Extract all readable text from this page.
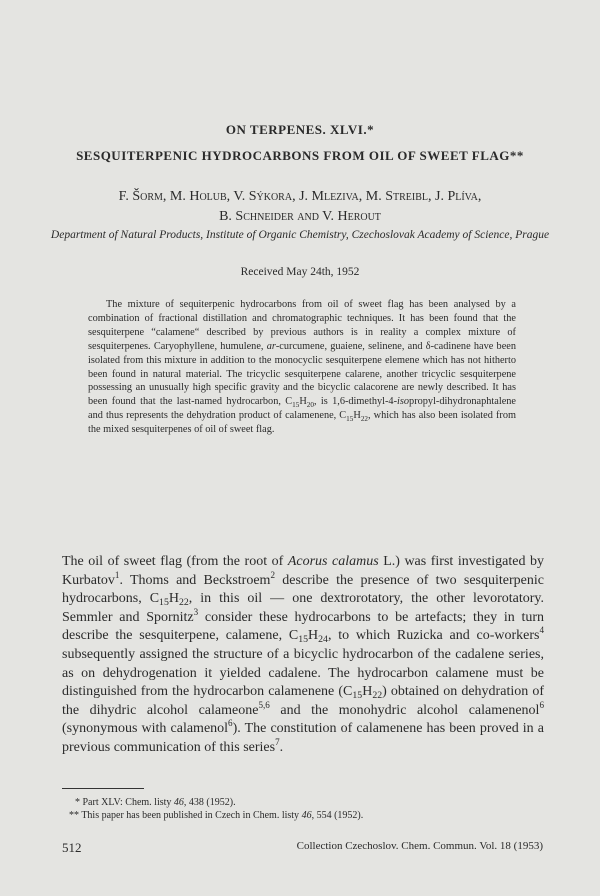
ON TERPENES. XLVI.*
SESQUITERPENIC HYDROCARBONS FROM OIL OF SWEET FLAG**
F. Šorm, M. Holub, V. Sýkora, J. Mleziva, M. Streibl, J. Plíva,
B. Schneider and V. Herout
Department of Natural Products, Institute of Organic Chemistry, Czechoslovak Academy of Science, Prague
Received May 24th, 1952
The mixture of sequiterpenic hydrocarbons from oil of sweet flag has been analysed by a combination of fractional distillation and chromatographic techniques. It has been found that the sesquiterpene “calamene“ described by previous authors is in reality a complex mixture of sesquiterpenes. Caryophyllene, humulene, ar-curcumene, guaiene, selinene, and δ-cadinene have been isolated from this mixture in addition to the monocyclic sesquiterpene elemene which has not hitherto been found in natural material. The tricyclic sesquiterpene calarene, another tricyclic sesquiterpene possessing an unusually high specific gravity and the bicyclic calacorene are newly described. It has been found that the last-named hydrocarbon, $C_{15}H_{20}$, is 1,6-dimethyl-4-isopropyl-dihydronaphtalene and thus represents the dehydration product of calamenene, $C_{15}H_{22}$, which has also been isolated from the mixed sesquiterpenes of oil of sweet flag.
The oil of sweet flag (from the root of Acorus calamus L.) was first investigated by Kurbatov$^1$. Thoms and Beckstroem$^2$ describe the presence of two sesquiterpenic hydrocarbons, $C_{15}H_{22}$, in this oil — one dextrorotatory, the other levorotatory. Semmler and Spornitz$^3$ consider these hydrocarbons to be artefacts; they in turn describe the sesquiterpene, calamene, $C_{15}H_{24}$, to which Ruzicka and co-workers$^4$ subsequently assigned the structure of a bicyclic hydrocarbon of the cadalene series, as on dehydrogenation it yielded cadalene. The hydrocarbon calamene must be distinguished from the hydrocarbon calamenene $(C_{15}H_{22})$ obtained on dehydration of the dihydric alcohol calameone$^{5,6}$ and the monohydric alcohol calamenenol$^6$ (synonymous with calamenol$^6$). The constitution of calamenene has been proved in a previous communication of this series$^7$.
* Part XLV: Chem. listy 46, 438 (1952).
** This paper has been published in Czech in Chem. listy 46, 554 (1952).
512	Collection Czechoslov. Chem. Commun. Vol. 18 (1953)
